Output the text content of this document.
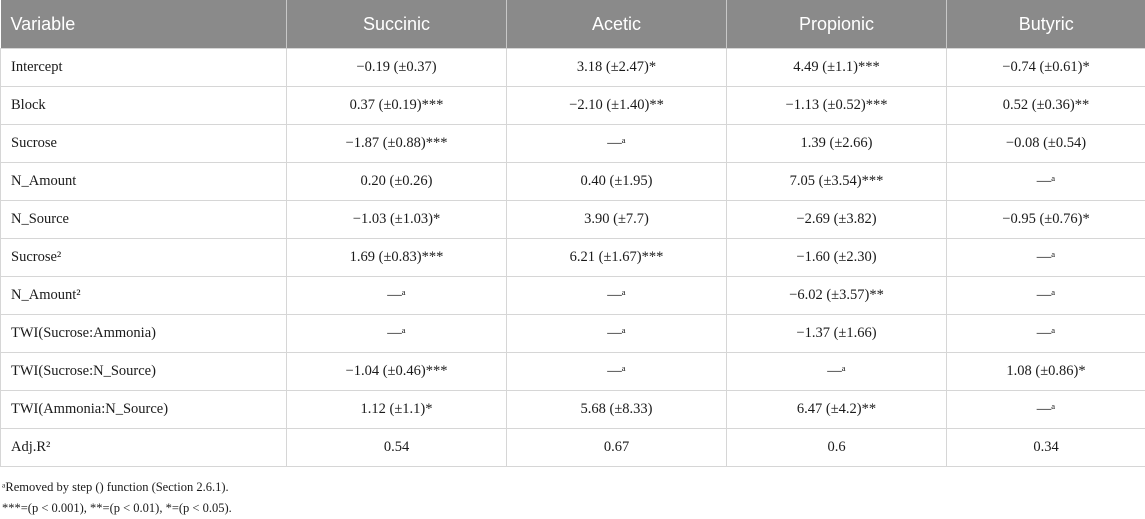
Variable	Succinic	Acetic	Propionic	Butyric
Intercept	−0.19 (±0.37)	3.18 (±2.47)*	4.49 (±1.1)***	−0.74 (±0.61)*
Block	0.37 (±0.19)***	−2.10 (±1.40)**	−1.13 (±0.52)***	0.52 (±0.36)**
Sucrose	−1.87 (±0.88)***	—ᵃ	1.39 (±2.66)	−0.08 (±0.54)
N_Amount	0.20 (±0.26)	0.40 (±1.95)	7.05 (±3.54)***	—ᵃ
N_Source	−1.03 (±1.03)*	3.90 (±7.7)	−2.69 (±3.82)	−0.95 (±0.76)*
Sucrose²	1.69 (±0.83)***	6.21 (±1.67)***	−1.60 (±2.30)	—ᵃ
N_Amount²	—ᵃ	—ᵃ	−6.02 (±3.57)**	—ᵃ
TWI(Sucrose:Ammonia)	—ᵃ	—ᵃ	−1.37 (±1.66)	—ᵃ
TWI(Sucrose:N_Source)	−1.04 (±0.46)***	—ᵃ	—ᵃ	1.08 (±0.86)*
TWI(Ammonia:N_Source)	1.12 (±1.1)*	5.68 (±8.33)	6.47 (±4.2)**	—ᵃ
Adj.R²	0.54	0.67	0.6	0.34
ᵃRemoved by step () function (Section 2.6.1).
***=(p < 0.001), **=(p < 0.01), *=(p < 0.05).
